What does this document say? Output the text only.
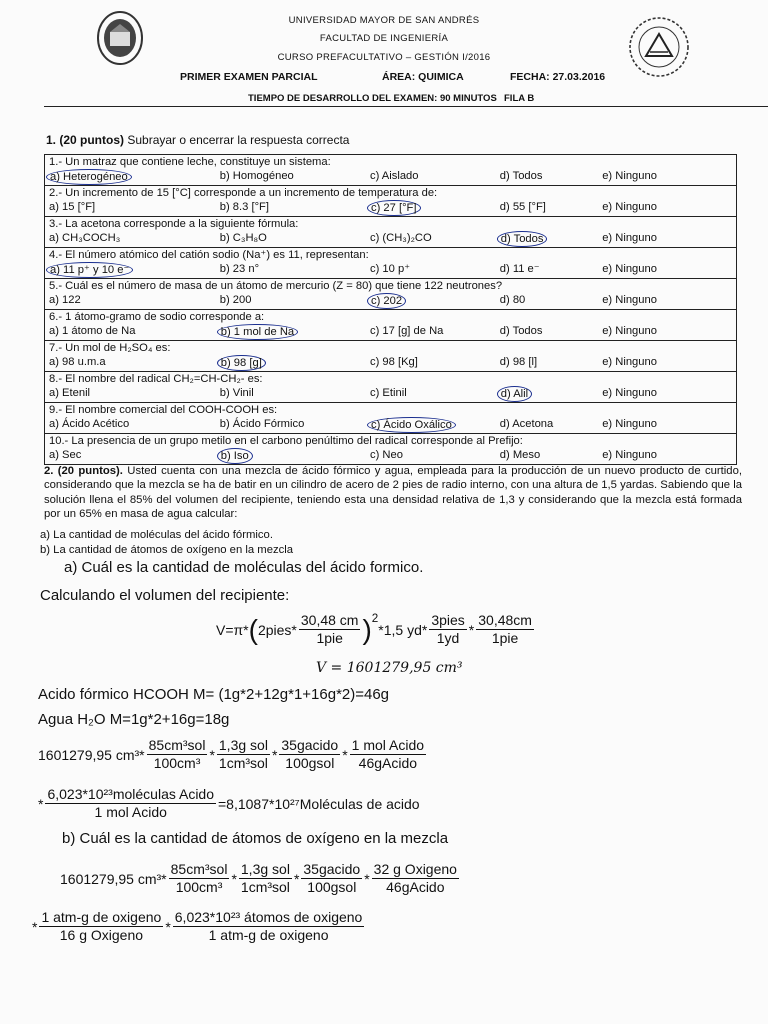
UNIVERSIDAD MAYOR DE SAN ANDRÉS
FACULTAD DE INGENIERÍA
CURSO PREFACULTATIVO – GESTIÓN I/2016
PRIMER EXAMEN PARCIAL	ÁREA: QUIMICA	FECHA: 27.03.2016
TIEMPO DE DESARROLLO DEL EXAMEN: 90 MINUTOS FILA B
1. (20 puntos) Subrayar o encerrar la respuesta correcta
1.- Un matraz que contiene leche, constituye un sistema:

a) Heterogéneo	b) Homogéneo	c) Aislado	d) Todos	e) Ninguno

2.- Un incremento de 15 [°C] corresponde a un incremento de temperatura de:

a) 15 [°F]	b) 8.3 [°F]	c) 27 [°F]	d) 55 [°F]	e) Ninguno

3.- La acetona corresponde a la siguiente fórmula:

a) CH₃COCH₃	b) C₃H₈O	c) (CH₃)₂CO	d) Todos	e) Ninguno

4.- El número atómico del catión sodio (Na⁺) es 11, representan:

a) 11 p⁺ y 10 e⁻	b) 23 n°	c) 10 p⁺	d) 11 e⁻	e) Ninguno

5.- Cuál es el número de masa de un átomo de mercurio (Z = 80) que tiene 122 neutrones?

a) 122	b) 200	c) 202	d) 80	e) Ninguno

6.- 1 átomo-gramo de sodio corresponde a:

a) 1 átomo de Na	b) 1 mol de Na	c) 17 [g] de Na	d) Todos	e) Ninguno

7.- Un mol de H₂SO₄ es:

a) 98 u.m.a	b) 98 [g]	c) 98 [Kg]	d) 98 [l]	e) Ninguno

8.- El nombre del radical CH₂=CH-CH₂- es:

a) Etenil	b) Vinil	c) Etinil	d) Alil	e) Ninguno

9.- El nombre comercial del COOH-COOH es:

a) Ácido Acético	b) Ácido Fórmico	c) Ácido Oxálico	d) Acetona	e) Ninguno

10.- La presencia de un grupo metilo en el carbono penúltimo del radical corresponde al Prefijo:

a) Sec	b) Iso	c) Neo	d) Meso	e) Ninguno
2. (20 puntos). Usted cuenta con una mezcla de ácido fórmico y agua, empleada para la producción de un nuevo producto de curtido, considerando que la mezcla se ha de batir en un cilindro de acero de 2 pies de radio interno, con una altura de 1,5 yardas. Sabiendo que la solución llena el 85% del volumen del recipiente, teniendo esta una densidad relativa de 1,3 y considerando que la mezcla está formada por un 65% en masa de agua calcular:
a) La cantidad de moléculas del ácido fórmico.
b) La cantidad de átomos de oxígeno en la mezcla
a) Cuál es la cantidad de moléculas del ácido formico.
Calculando el volumen del recipiente:
V=π* ( 2pies* $\frac{30,48 cm}{\text{1pie}} )^2$
*1,5 $yd* \frac{\text{3pies}}{1yd} * \frac{30,48cm}{\text{1pie}}$
V = 1601279,95 cm³
Acido fórmico HCOOH M= (1g*2+12g*1+16g*2)=46g
Agua H₂O M=1g*2+16g=18g
1601279,95 $cm^3* \frac{\text{85cm³sol}}{\text{100cm³}} * \frac{\text{1,3g sol}}{\text{1cm³sol}} * \frac{\text{35gacido}}{\text{100gsol}} * \frac{\text{1 mol Acido}}{\text{46gAcido}}$
* $\frac{\text{6,023*10²³moléculas Acido}}{\text{1 mol Acido}}$ =8,1087*10²⁷Moléculas de acido
b) Cuál es la cantidad de átomos de oxígeno en la mezcla
1601279,95 $cm^3* \frac{\text{85cm³sol}}{\text{100cm³}} * \frac{\text{1,3g sol}}{\text{1cm³sol}} * \frac{\text{35gacido}}{\text{100gsol}} * \frac{\text{32 g Oxigeno}}{\text{46gAcido}}$
* $\frac{\text{1 atm-g de oxigeno}}{\text{16 g Oxigeno}} * \frac{\text{6,023*10²³ átomos de oxigeno}}{\text{1 atm-g de oxigeno}}$
